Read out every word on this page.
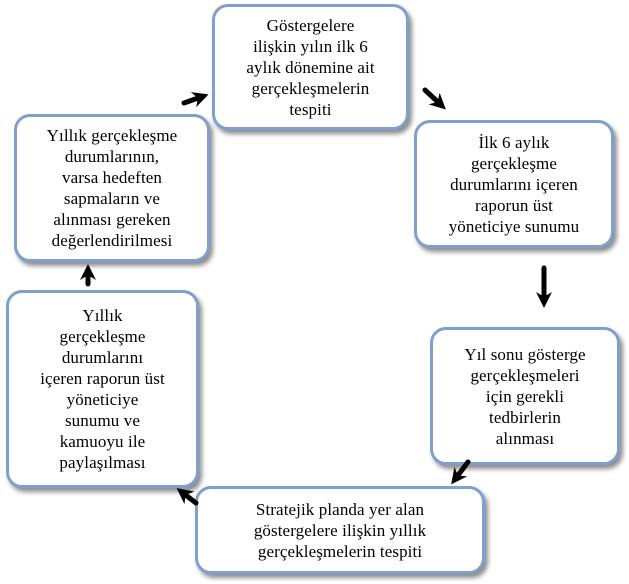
Göstergelere
ilişkin yılın ilk 6
aylık dönemine ait
gerçekleşmelerin
tespiti
İlk 6 aylık
gerçekleşme
durumlarını içeren
raporun üst
yöneticiye sunumu
Yıl sonu gösterge
gerçekleşmeleri
için gerekli
tedbirlerin
alınması
Stratejik planda yer alan
göstergelere ilişkin yıllık
gerçekleşmelerin tespiti
Yıllık
gerçekleşme
durumlarını
içeren raporun üst
yöneticiye
sunumu ve
kamuoyu ile
paylaşılması
Yıllık gerçekleşme
durumlarının,
varsa hedeften
sapmaların ve
alınması gereken
değerlendirilmesi
